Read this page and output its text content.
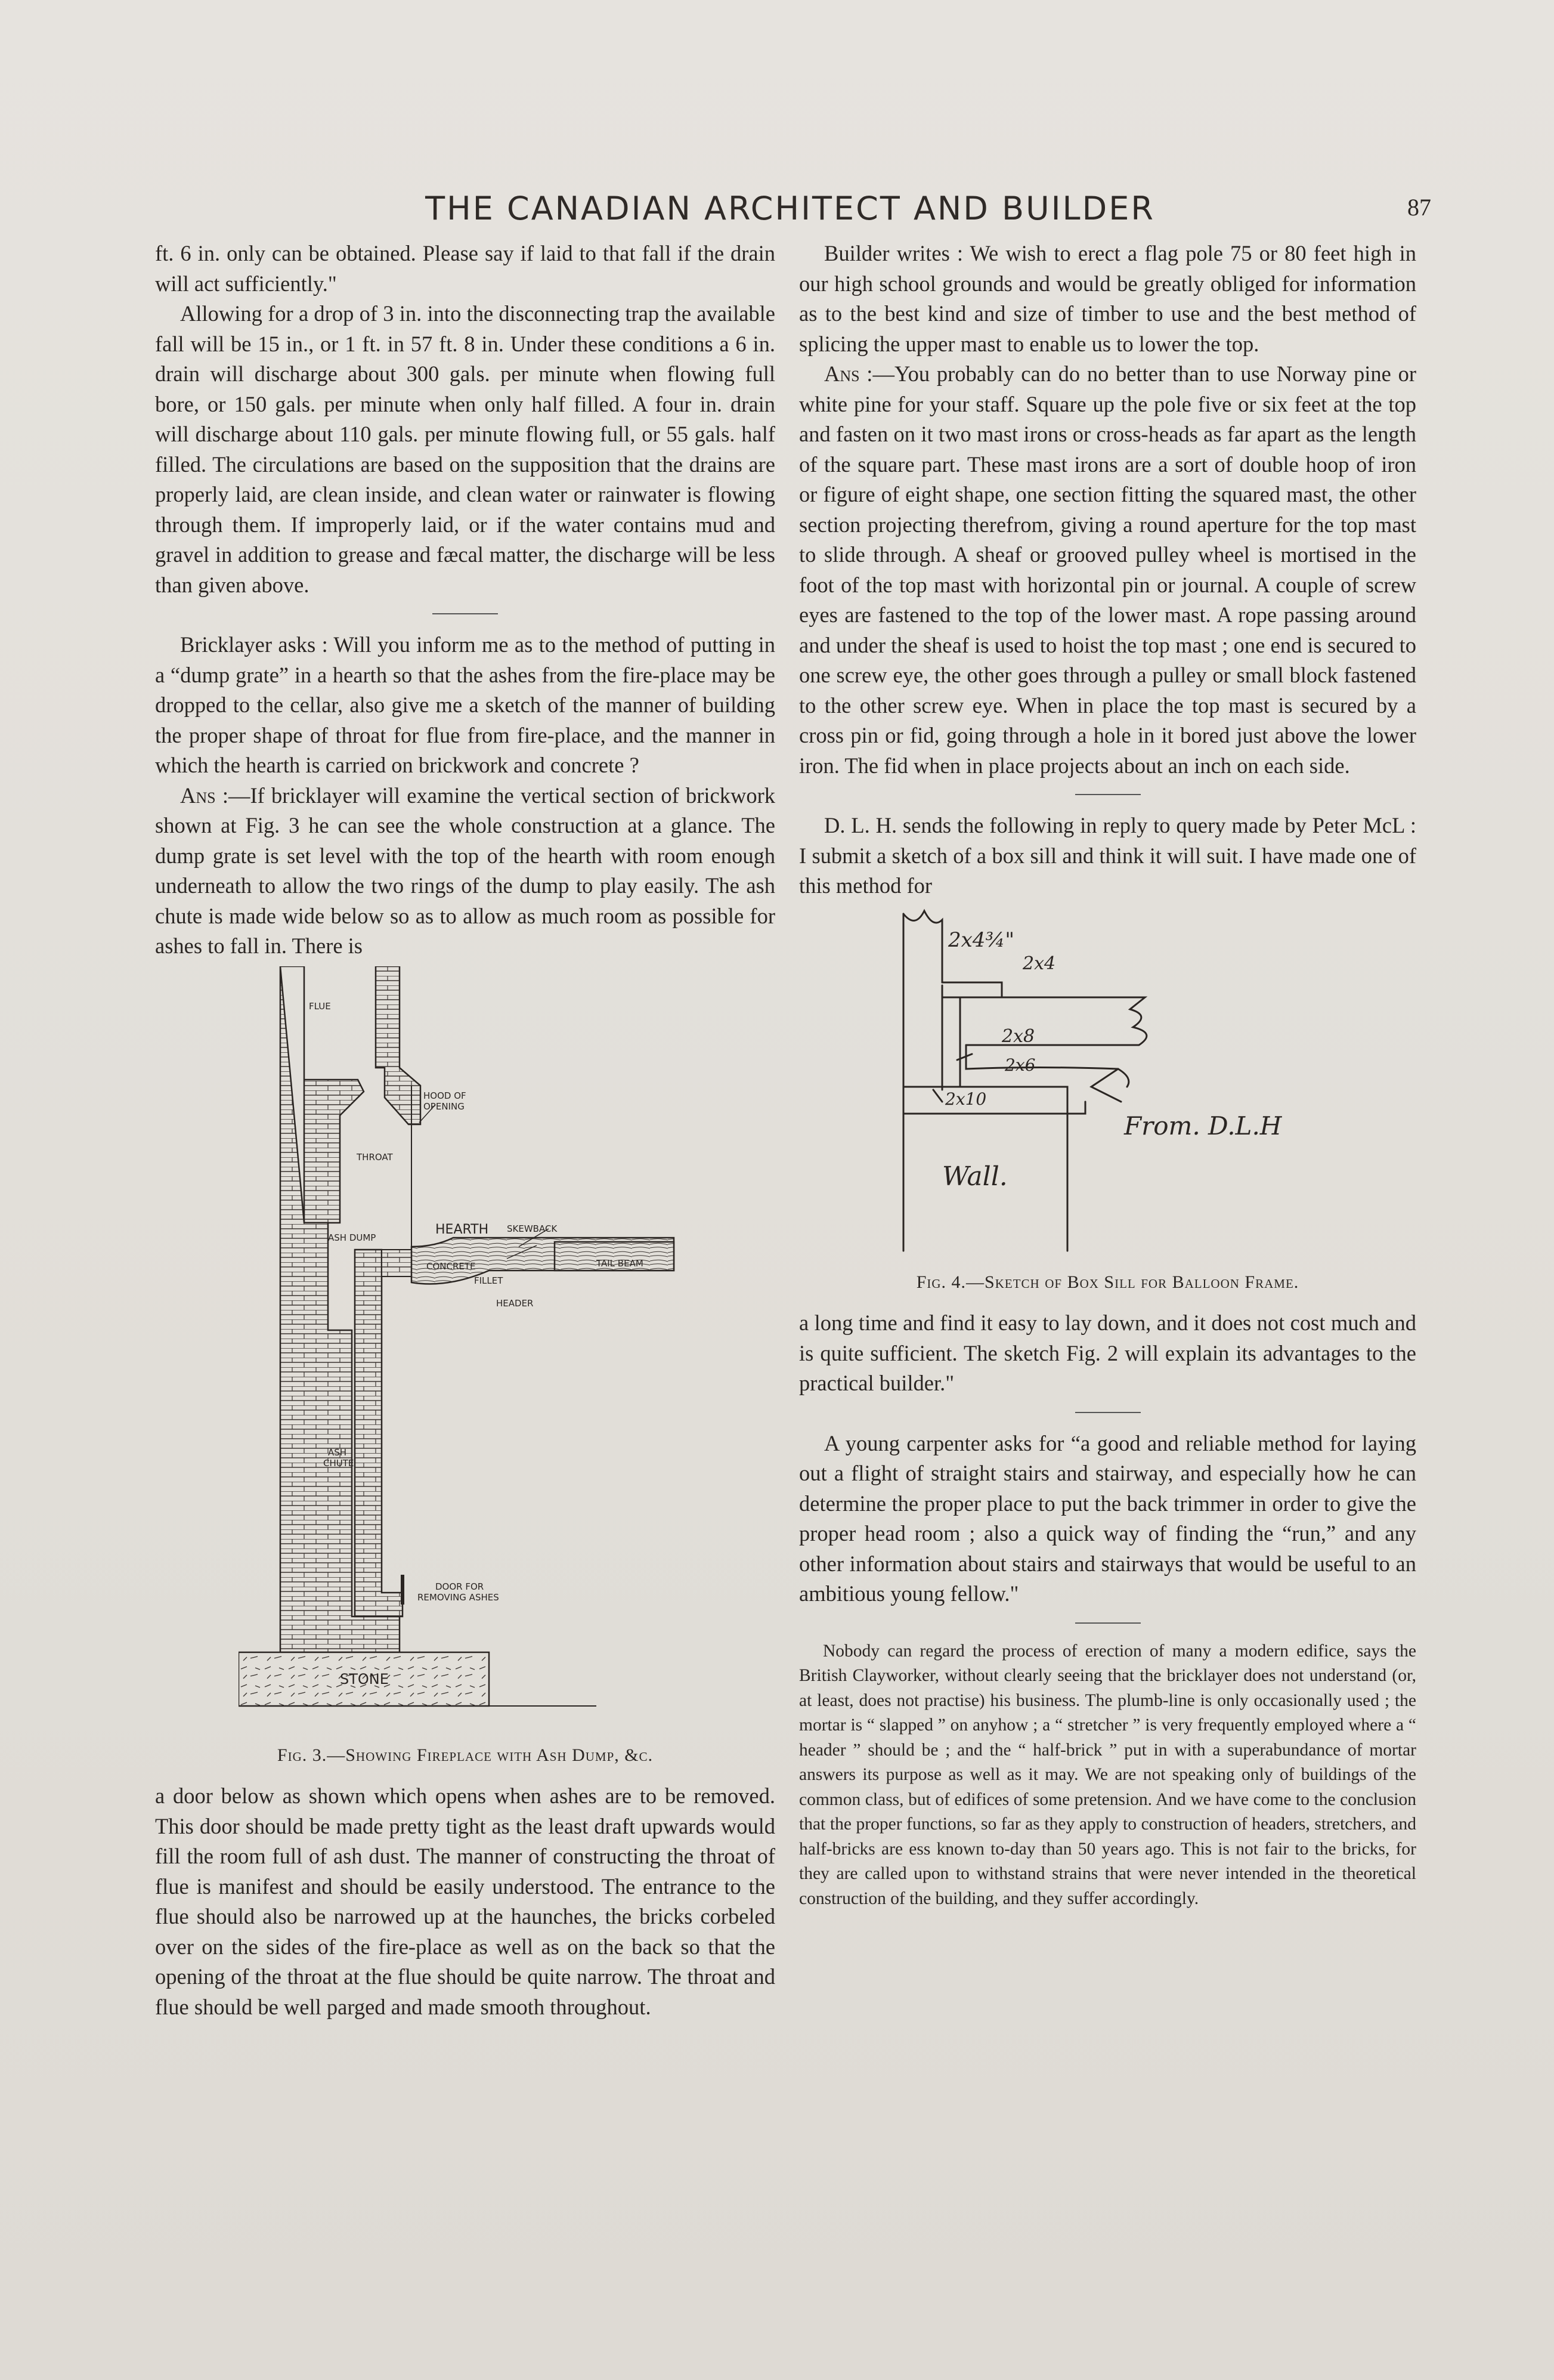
THE CANADIAN ARCHITECT AND BUILDER	87

ft. 6 in. only can be obtained. Please say if laid to that fall if the drain will act sufficiently."

Allowing for a drop of 3 in. into the disconnecting trap the available fall will be 15 in., or 1 ft. in 57 ft. 8 in. Under these conditions a 6 in. drain will discharge about 300 gals. per minute when flowing full bore, or 150 gals. per minute when only half filled. A four in. drain will discharge about 110 gals. per minute flowing full, or 55 gals. half filled. The circulations are based on the supposition that the drains are properly laid, are clean inside, and clean water or rainwater is flowing through them. If improperly laid, or if the water contains mud and gravel in addition to grease and fæcal matter, the discharge will be less than given above.

Bricklayer asks : Will you inform me as to the method of putting in a “dump grate” in a hearth so that the ashes from the fire-place may be dropped to the cellar, also give me a sketch of the manner of building the proper shape of throat for flue from fire-place, and the manner in which the hearth is carried on brickwork and concrete ?

Ans :—If bricklayer will examine the vertical section of brickwork shown at Fig. 3 he can see the whole construction at a glance. The dump grate is set level with the top of the hearth with room enough underneath to allow the two rings of the dump to play easily. The ash chute is made wide below so as to allow as much room as possible for ashes to fall in. There is

FLUE
HOOD OF
OPENING
THROAT
ASH DUMP
HEARTH SKEWBACK
CONCRETE
FILLET
TAIL BEAM
HEADER
ASH
CHUTE
DOOR FOR
REMOVING ASHES
STONE
Fig. 3.—Showing Fireplace with Ash Dump, &c.

a door below as shown which opens when ashes are to be removed. This door should be made pretty tight as the least draft upwards would fill the room full of ash dust. The manner of constructing the throat of flue is manifest and should be easily understood. The entrance to the flue should also be narrowed up at the haunches, the bricks corbeled over on the sides of the fire-place as well as on the back so that the opening of the throat at the flue should be quite narrow. The throat and flue should be well parged and made smooth throughout.

Builder writes : We wish to erect a flag pole 75 or 80 feet high in our high school grounds and would be greatly obliged for information as to the best kind and size of timber to use and the best method of splicing the upper mast to enable us to lower the top.

Ans :—You probably can do no better than to use Norway pine or white pine for your staff. Square up the pole five or six feet at the top and fasten on it two mast irons or cross-heads as far apart as the length of the square part. These mast irons are a sort of double hoop of iron or figure of eight shape, one section fitting the squared mast, the other section projecting therefrom, giving a round aperture for the top mast to slide through. A sheaf or grooved pulley wheel is mortised in the foot of the top mast with horizontal pin or journal. A couple of screw eyes are fastened to the top of the lower mast. A rope passing around and under the sheaf is used to hoist the top mast ; one end is secured to one screw eye, the other goes through a pulley or small block fastened to the other screw eye. When in place the top mast is secured by a cross pin or fid, going through a hole in it bored just above the lower iron. The fid when in place projects about an inch on each side.

D. L. H. sends the following in reply to query made by Peter McL : I submit a sketch of a box sill and think it will suit. I have made one of this method for

2x4¾"
2x4
2x8
2x6
2x10
Wall.
From. D.L.H
Fig. 4.—Sketch of Box Sill for Balloon Frame.

a long time and find it easy to lay down, and it does not cost much and is quite sufficient. The sketch Fig. 2 will explain its advantages to the practical builder."

A young carpenter asks for “a good and reliable method for laying out a flight of straight stairs and stairway, and especially how he can determine the proper place to put the back trimmer in order to give the proper head room ; also a quick way of finding the “run,” and any other information about stairs and stairways that would be useful to an ambitious young fellow."

Nobody can regard the process of erection of many a modern edifice, says the British Clayworker, without clearly seeing that the bricklayer does not understand (or, at least, does not practise) his business. The plumb-line is only occasionally used ; the mortar is “ slapped ” on anyhow ; a “ stretcher ” is very frequently employed where a “ header ” should be ; and the “ half-brick ” put in with a superabundance of mortar answers its purpose as well as it may. We are not speaking only of buildings of the common class, but of edifices of some pretension. And we have come to the conclusion that the proper functions, so far as they apply to construction of headers, stretchers, and half-bricks are ess known to-day than 50 years ago. This is not fair to the bricks, for they are called upon to withstand strains that were never intended in the theoretical construction of the building, and they suffer accordingly.
